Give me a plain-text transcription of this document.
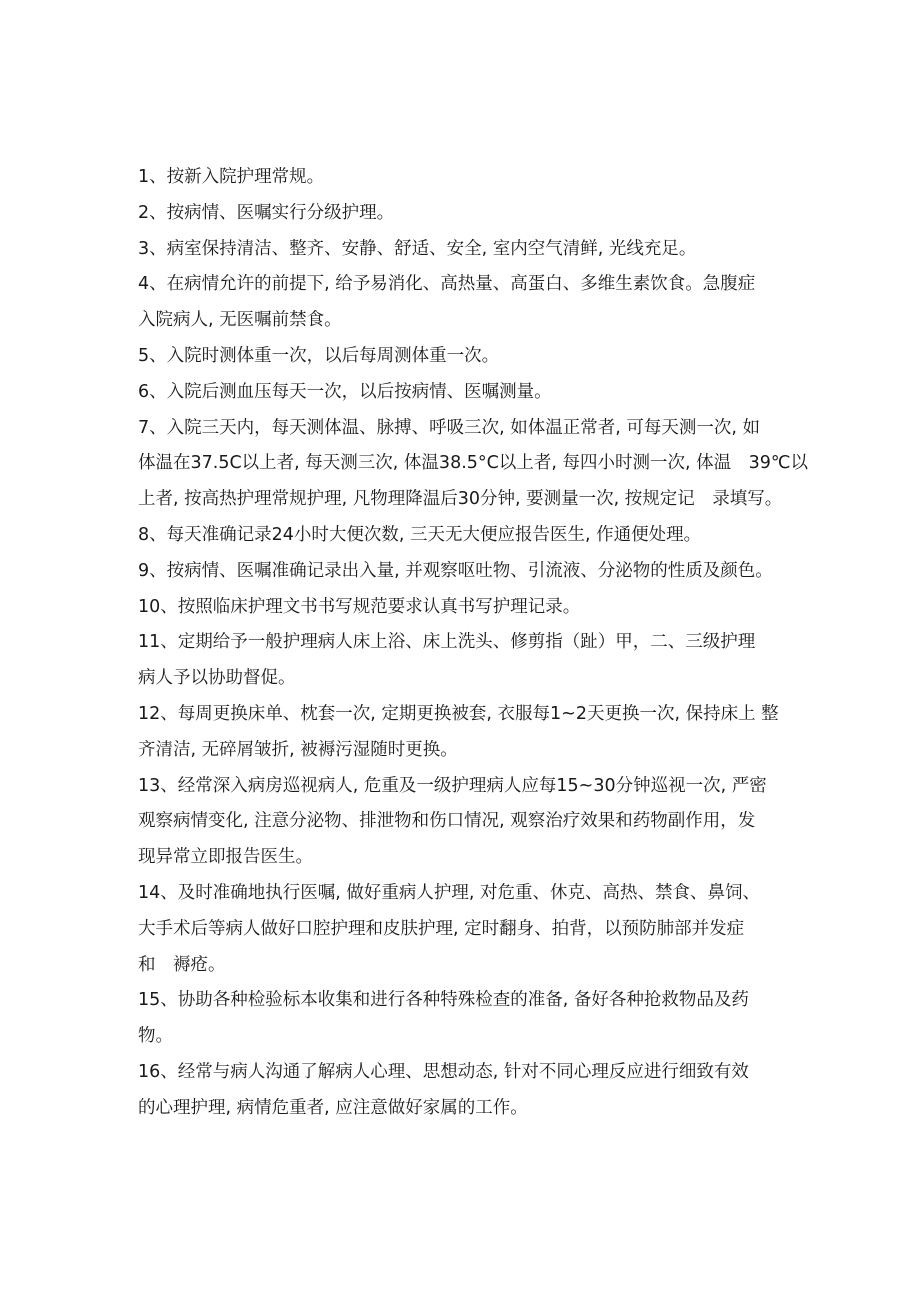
1、按新入院护理常规。

2、按病情、医嘱实行分级护理。

3、病室保持清洁、整齐、安静、舒适、安全, 室内空气清鲜, 光线充足。

4、在病情允许的前提下, 给予易消化、高热量、高蛋白、多维生素饮食。急腹症
入院病人, 无医嘱前禁食。

5、入院时测体重一次，以后每周测体重一次。

6、入院后测血压每天一次，以后按病情、医嘱测量。

7、入院三天内，每天测体温、脉搏、呼吸三次, 如体温正常者, 可每天测一次, 如
体温在37.5C以上者, 每天测三次, 体温38.5°C以上者, 每四小时测一次, 体温　39℃以
上者, 按高热护理常规护理, 凡物理降温后30分钟, 要测量一次, 按规定记　录填写。

8、每天准确记录24小时大便次数, 三天无大便应报告医生, 作通便处理。

9、按病情、医嘱准确记录出入量, 并观察呕吐物、引流液、分泌物的性质及颜色。

10、按照临床护理文书书写规范要求认真书写护理记录。

11、定期给予一般护理病人床上浴、床上洗头、修剪指（趾）甲，二、三级护理
病人予以协助督促。

12、每周更换床单、枕套一次, 定期更换被套, 衣服每1~2天更换一次, 保持床上 整
齐清洁, 无碎屑皱折, 被褥污湿随时更换。

13、经常深入病房巡视病人, 危重及一级护理病人应每15~30分钟巡视一次, 严密
观察病情变化, 注意分泌物、排泄物和伤口情况, 观察治疗效果和药物副作用，发
现异常立即报告医生。

14、及时准确地执行医嘱, 做好重病人护理, 对危重、休克、高热、禁食、鼻饲、
大手术后等病人做好口腔护理和皮肤护理, 定时翻身、拍背，以预防肺部并发症
和　褥疮。

15、协助各种检验标本收集和进行各种特殊检查的准备, 备好各种抢救物品及药
物。

16、经常与病人沟通了解病人心理、思想动态, 针对不同心理反应进行细致有效
的心理护理, 病情危重者, 应注意做好家属的工作。
